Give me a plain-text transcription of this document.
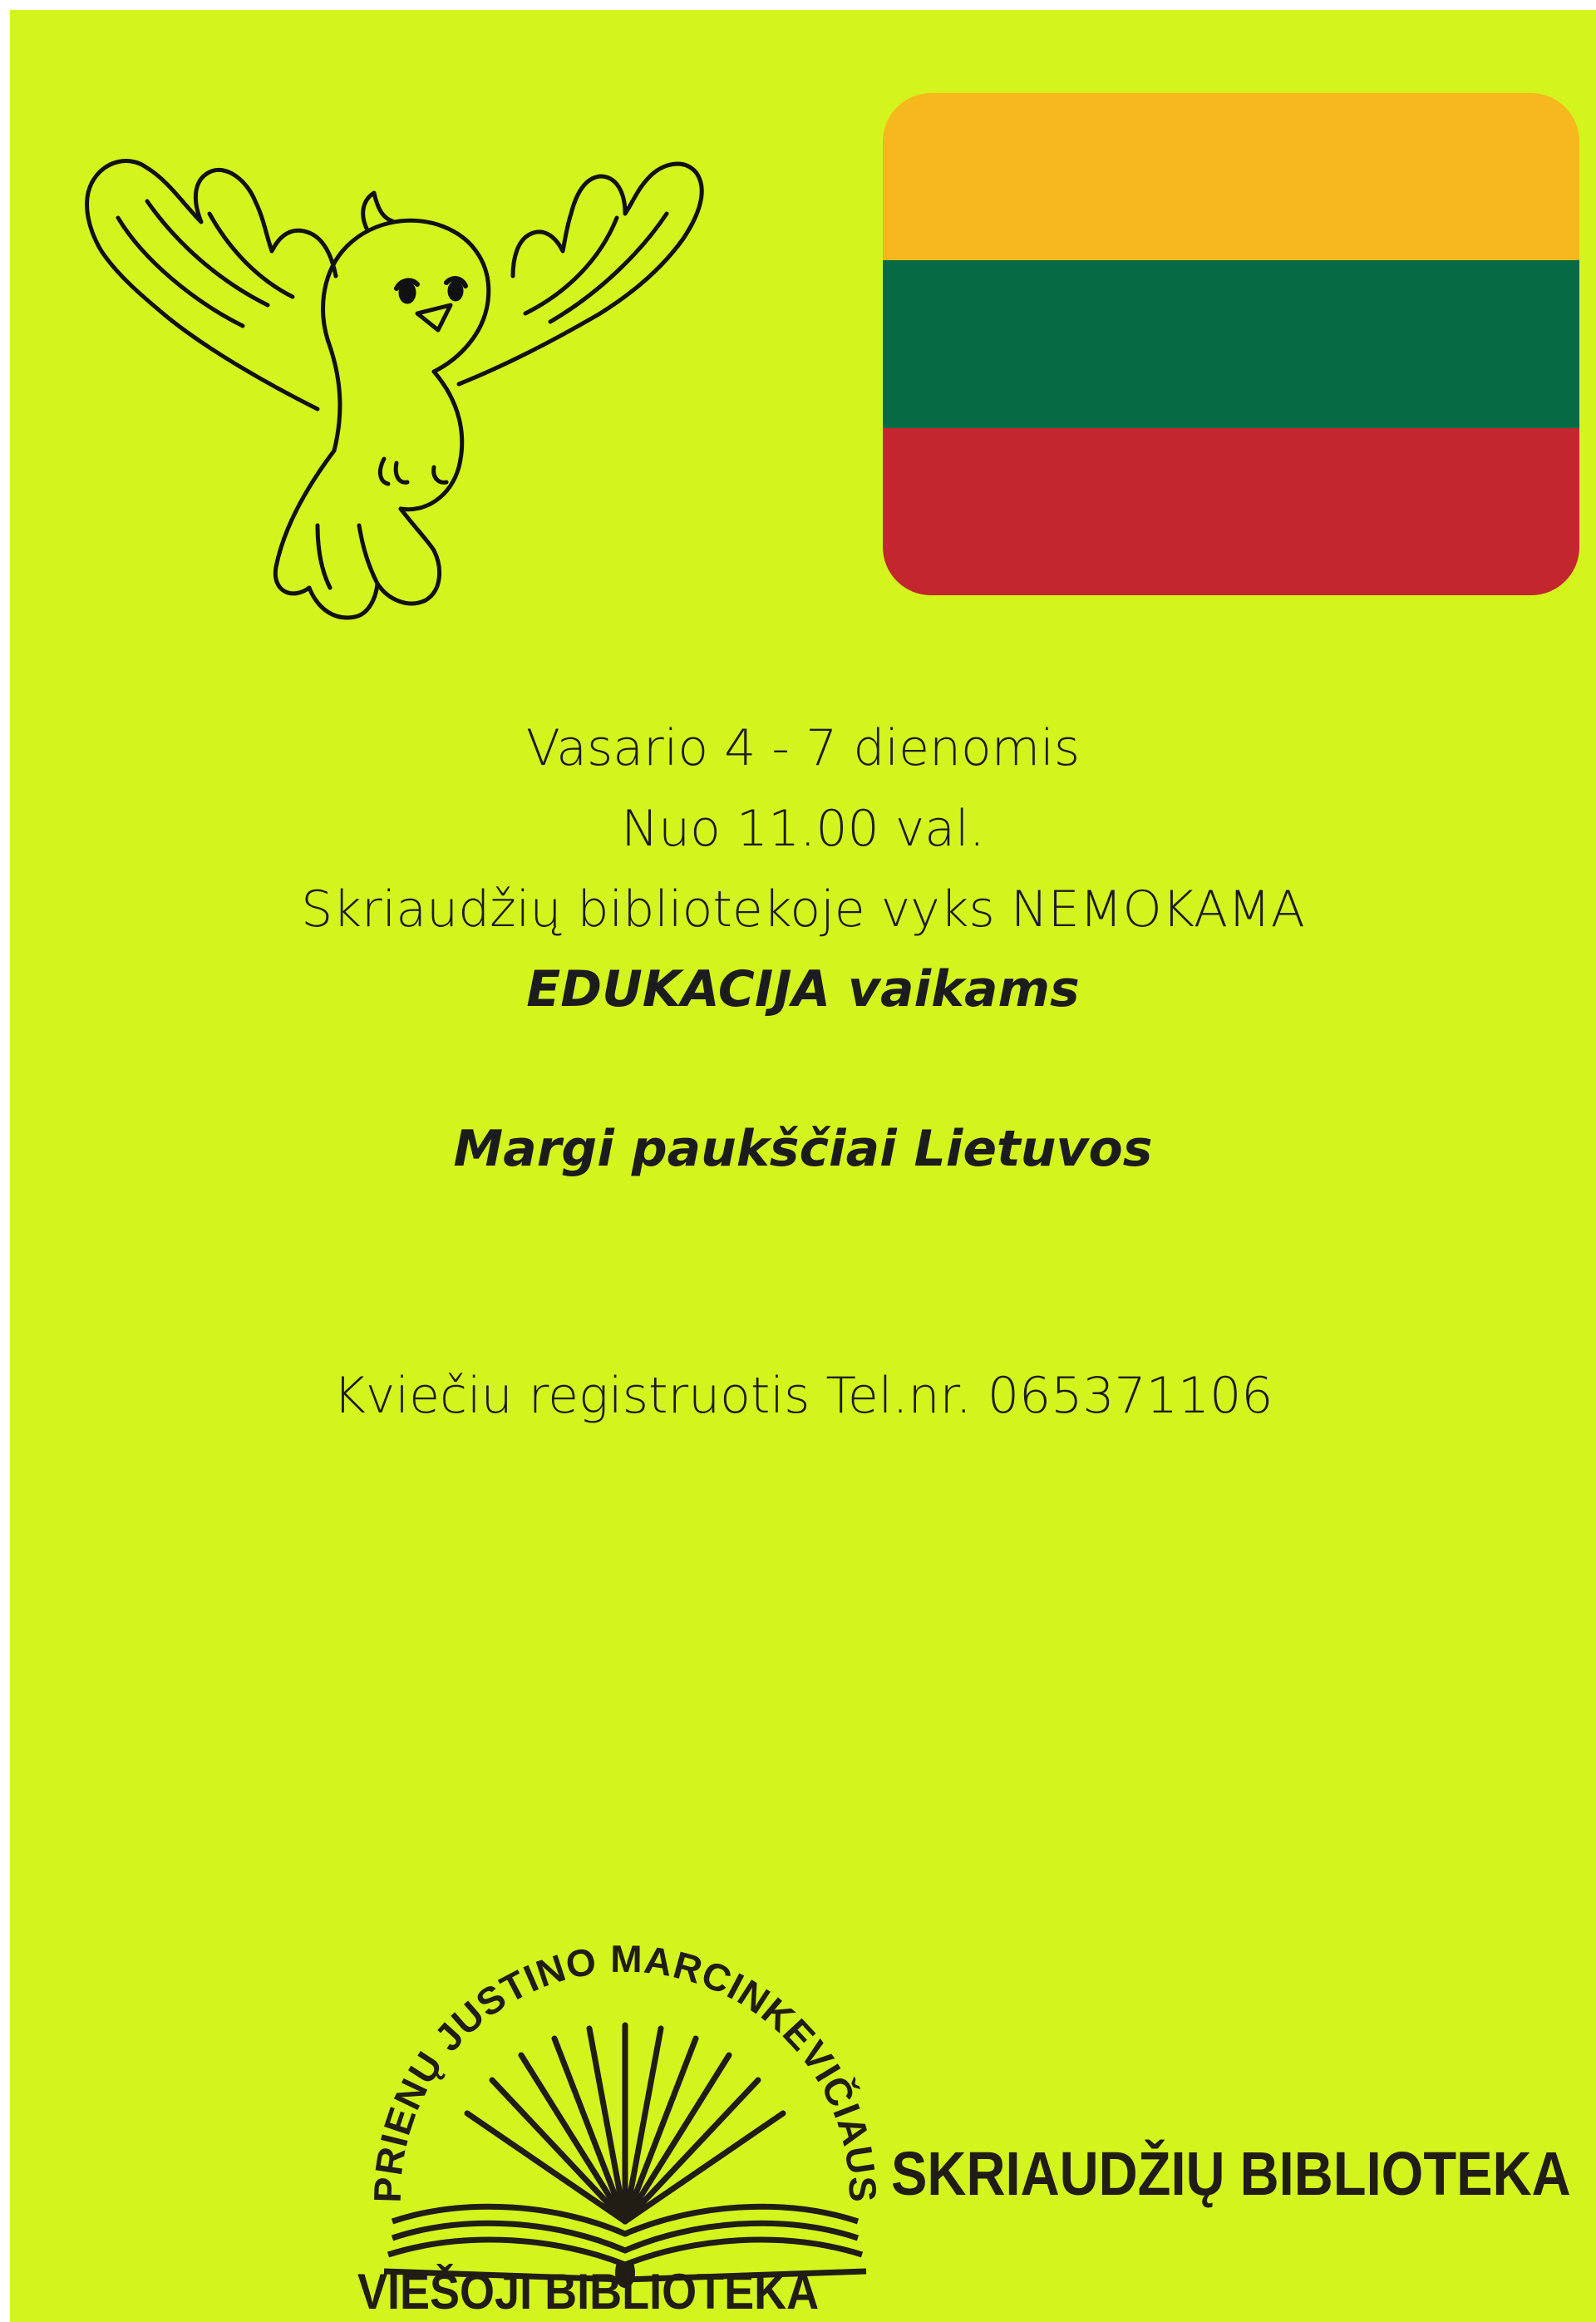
Vasario 4 - 7 dienomis
Nuo 11.00 val.
Skriaudžių bibliotekoje vyks NEMOKAMA
EDUKACIJA vaikams
Margi paukščiai Lietuvos
Kviečiu registruotis Tel.nr. 065371106
PRIENŲ JUSTINO MARCINKEVIČIAUS
VIEŠOJI BIBLIOTEKA
SKRIAUDŽIŲ BIBLIOTEKA
